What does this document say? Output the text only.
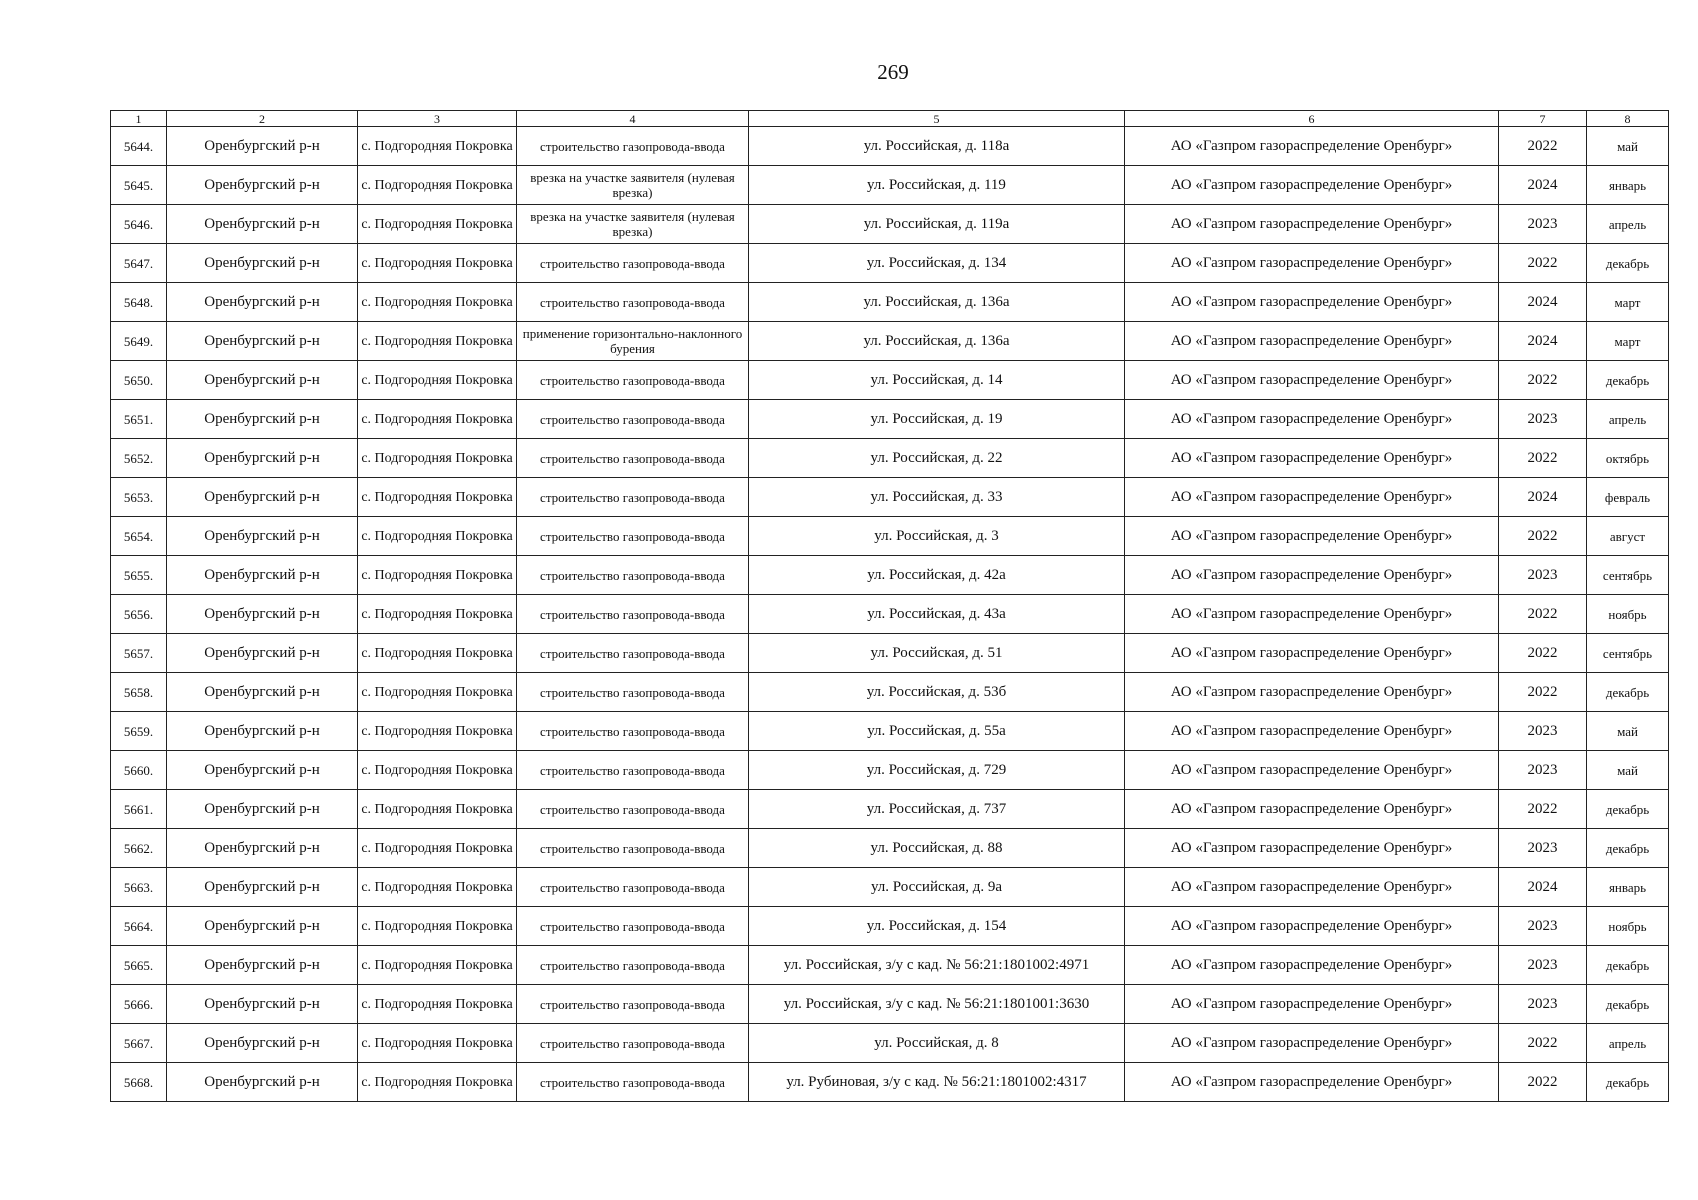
269
1	2	3	4	5	6	7	8
5644.	Оренбургский р-н	с. Подгородняя Покровка	строительство газопровода-ввода	ул. Российская, д. 118а	АО «Газпром газораспределение Оренбург»	2022	май
5645.	Оренбургский р-н	с. Подгородняя Покровка	врезка на участке заявителя (нулевая врезка)	ул. Российская, д. 119	АО «Газпром газораспределение Оренбург»	2024	январь
5646.	Оренбургский р-н	с. Подгородняя Покровка	врезка на участке заявителя (нулевая врезка)	ул. Российская, д. 119а	АО «Газпром газораспределение Оренбург»	2023	апрель
5647.	Оренбургский р-н	с. Подгородняя Покровка	строительство газопровода-ввода	ул. Российская, д. 134	АО «Газпром газораспределение Оренбург»	2022	декабрь
5648.	Оренбургский р-н	с. Подгородняя Покровка	строительство газопровода-ввода	ул. Российская, д. 136а	АО «Газпром газораспределение Оренбург»	2024	март
5649.	Оренбургский р-н	с. Подгородняя Покровка	применение горизонтально-наклонного бурения	ул. Российская, д. 136а	АО «Газпром газораспределение Оренбург»	2024	март
5650.	Оренбургский р-н	с. Подгородняя Покровка	строительство газопровода-ввода	ул. Российская, д. 14	АО «Газпром газораспределение Оренбург»	2022	декабрь
5651.	Оренбургский р-н	с. Подгородняя Покровка	строительство газопровода-ввода	ул. Российская, д. 19	АО «Газпром газораспределение Оренбург»	2023	апрель
5652.	Оренбургский р-н	с. Подгородняя Покровка	строительство газопровода-ввода	ул. Российская, д. 22	АО «Газпром газораспределение Оренбург»	2022	октябрь
5653.	Оренбургский р-н	с. Подгородняя Покровка	строительство газопровода-ввода	ул. Российская, д. 33	АО «Газпром газораспределение Оренбург»	2024	февраль
5654.	Оренбургский р-н	с. Подгородняя Покровка	строительство газопровода-ввода	ул. Российская, д. 3	АО «Газпром газораспределение Оренбург»	2022	август
5655.	Оренбургский р-н	с. Подгородняя Покровка	строительство газопровода-ввода	ул. Российская, д. 42а	АО «Газпром газораспределение Оренбург»	2023	сентябрь
5656.	Оренбургский р-н	с. Подгородняя Покровка	строительство газопровода-ввода	ул. Российская, д. 43а	АО «Газпром газораспределение Оренбург»	2022	ноябрь
5657.	Оренбургский р-н	с. Подгородняя Покровка	строительство газопровода-ввода	ул. Российская, д. 51	АО «Газпром газораспределение Оренбург»	2022	сентябрь
5658.	Оренбургский р-н	с. Подгородняя Покровка	строительство газопровода-ввода	ул. Российская, д. 53б	АО «Газпром газораспределение Оренбург»	2022	декабрь
5659.	Оренбургский р-н	с. Подгородняя Покровка	строительство газопровода-ввода	ул. Российская, д. 55а	АО «Газпром газораспределение Оренбург»	2023	май
5660.	Оренбургский р-н	с. Подгородняя Покровка	строительство газопровода-ввода	ул. Российская, д. 729	АО «Газпром газораспределение Оренбург»	2023	май
5661.	Оренбургский р-н	с. Подгородняя Покровка	строительство газопровода-ввода	ул. Российская, д. 737	АО «Газпром газораспределение Оренбург»	2022	декабрь
5662.	Оренбургский р-н	с. Подгородняя Покровка	строительство газопровода-ввода	ул. Российская, д. 88	АО «Газпром газораспределение Оренбург»	2023	декабрь
5663.	Оренбургский р-н	с. Подгородняя Покровка	строительство газопровода-ввода	ул. Российская, д. 9а	АО «Газпром газораспределение Оренбург»	2024	январь
5664.	Оренбургский р-н	с. Подгородняя Покровка	строительство газопровода-ввода	ул. Российская, д. 154	АО «Газпром газораспределение Оренбург»	2023	ноябрь
5665.	Оренбургский р-н	с. Подгородняя Покровка	строительство газопровода-ввода	ул. Российская, з/у с кад. № 56:21:1801002:4971	АО «Газпром газораспределение Оренбург»	2023	декабрь
5666.	Оренбургский р-н	с. Подгородняя Покровка	строительство газопровода-ввода	ул. Российская, з/у с кад. № 56:21:1801001:3630	АО «Газпром газораспределение Оренбург»	2023	декабрь
5667.	Оренбургский р-н	с. Подгородняя Покровка	строительство газопровода-ввода	ул. Российская, д. 8	АО «Газпром газораспределение Оренбург»	2022	апрель
5668.	Оренбургский р-н	с. Подгородняя Покровка	строительство газопровода-ввода	ул. Рубиновая, з/у с кад. № 56:21:1801002:4317	АО «Газпром газораспределение Оренбург»	2022	декабрь
